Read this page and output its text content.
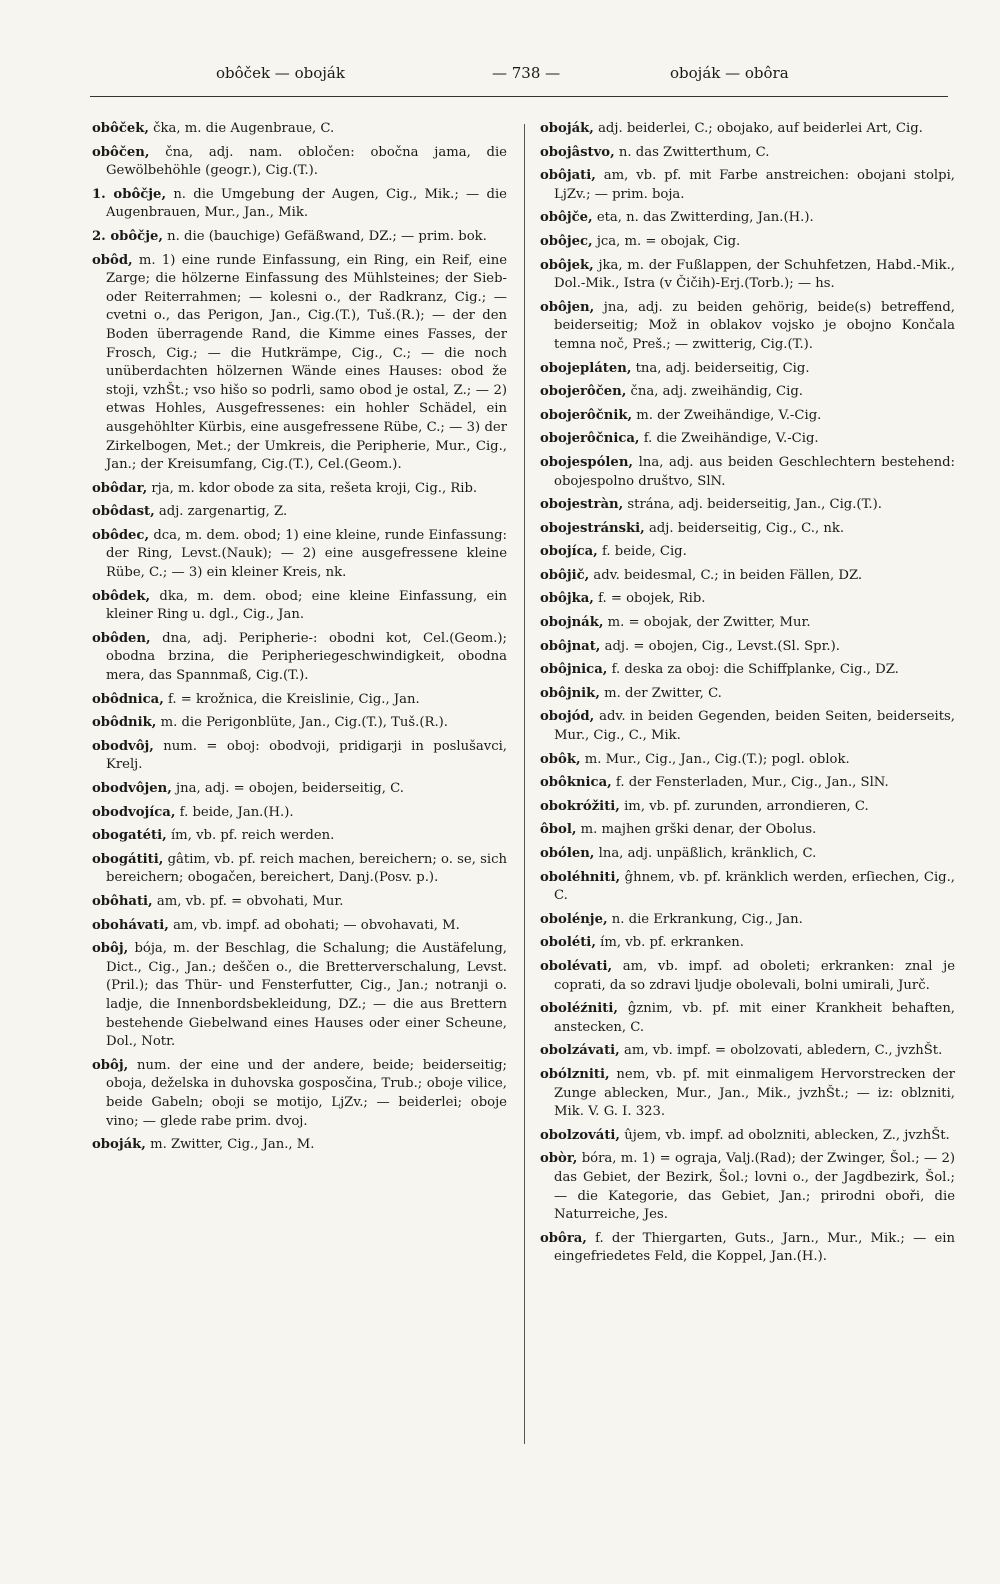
obôček — oboják	— 738 —	oboják — obôra

obôček, čka, m. die Augenbraue, C.

obôčen, čna, adj. nam. obločen: obočna jama, die Gewölbehöhle (geogr.), Cig.(T.).

1. obôčje, n. die Umgebung der Augen, Cig., Mik.; — die Augenbrauen, Mur., Jan., Mik.

2. obôčje, n. die (bauchige) Gefäßwand, DZ.; — prim. bok.

obôd, m. 1) eine runde Einfassung, ein Ring, ein Reif, eine Zarge; die hölzerne Einfassung des Mühlsteines; der Sieb- oder Reiterrahmen; — kolesni o., der Radkranz, Cig.; — cvetni o., das Perigon, Jan., Cig.(T.), Tuš.(R.); — der den Boden überragende Rand, die Kimme eines Fasses, der Frosch, Cig.; — die Hutkrämpe, Cig., C.; — die noch unüberdachten hölzernen Wände eines Hauses: obod že stoji, vzhŠt.; vso hišo so podrli, samo obod je ostal, Z.; — 2) etwas Hohles, Ausgefressenes: ein hohler Schädel, ein ausgehöhlter Kürbis, eine ausgefressene Rübe, C.; — 3) der Zirkelbogen, Met.; der Umkreis, die Peripherie, Mur., Cig., Jan.; der Kreisumfang, Cig.(T.), Cel.(Geom.).

obôdar, rja, m. kdor obode za sita, rešeta kroji, Cig., Rib.

obôdast, adj. zargenartig, Z.

obôdec, dca, m. dem. obod; 1) eine kleine, runde Einfassung: der Ring, Levst.(Nauk); — 2) eine ausgefressene kleine Rübe, C.; — 3) ein kleiner Kreis, nk.

obôdek, dka, m. dem. obod; eine kleine Einfassung, ein kleiner Ring u. dgl., Cig., Jan.

obôden, dna, adj. Peripherie-: obodni kot, Cel.(Geom.); obodna brzina, die Peripheriegeschwindigkeit, obodna mera, das Spannmaß, Cig.(T.).

obôdnica, f. = krožnica, die Kreislinie, Cig., Jan.

obôdnik, m. die Perigonblüte, Jan., Cig.(T.), Tuš.(R.).

obodvôj, num. = oboj: obodvoji, pridigarji in poslušavci, Krelj.

obodvôjen, jna, adj. = obojen, beiderseitig, C.

obodvojíca, f. beide, Jan.(H.).

obogatéti, ím, vb. pf. reich werden.

obogátiti, gâtim, vb. pf. reich machen, bereichern; o. se, sich bereichern; obogačen, bereichert, Danj.(Posv. p.).

obôhati, am, vb. pf. = obvohati, Mur.

obohávati, am, vb. impf. ad obohati; — obvohavati, M.

obôj, bója, m. der Beschlag, die Schalung; die Austäfelung, Dict., Cig., Jan.; deščen o., die Bretterverschalung, Levst.(Pril.); das Thür- und Fensterfutter, Cig., Jan.; notranji o. ladje, die Innenbordsbekleidung, DZ.; — die aus Brettern bestehende Giebelwand eines Hauses oder einer Scheune, Dol., Notr.

obôj, num. der eine und der andere, beide; beiderseitig; oboja, deželska in duhovska gosposčina, Trub.; oboje vilice, beide Gabeln; oboji se motijo, LjZv.; — beiderlei; oboje vino; — glede rabe prim. dvoj.

oboják, m. Zwitter, Cig., Jan., M.

oboják, adj. beiderlei, C.; obojako, auf beiderlei Art, Cig.

obojâstvo, n. das Zwitterthum, C.

obôjati, am, vb. pf. mit Farbe anstreichen: obojani stolpi, LjZv.; — prim. boja.

obôjče, eta, n. das Zwitterding, Jan.(H.).

obôjec, jca, m. = obojak, Cig.

obôjek, jka, m. der Fußlappen, der Schuhfetzen, Habd.-Mik., Dol.-Mik., Istra (v Čičih)-Erj.(Torb.); — hs.

obôjen, jna, adj. zu beiden gehörig, beide(s) betreffend, beiderseitig; Mož in oblakov vojsko je obojno Končala temna noč, Preš.; — zwitterig, Cig.(T.).

obojepláten, tna, adj. beiderseitig, Cig.

obojerôčen, čna, adj. zweihändig, Cig.

obojerôčnik, m. der Zweihändige, V.-Cig.

obojerôčnica, f. die Zweihändige, V.-Cig.

obojespólen, lna, adj. aus beiden Geschlechtern bestehend: obojespolno društvo, SlN.

obojestràn, strána, adj. beiderseitig, Jan., Cig.(T.).

obojestránski, adj. beiderseitig, Cig., C., nk.

obojíca, f. beide, Cig.

obôjič, adv. beidesmal, C.; in beiden Fällen, DZ.

obôjka, f. = obojek, Rib.

obojnák, m. = obojak, der Zwitter, Mur.

obôjnat, adj. = obojen, Cig., Levst.(Sl. Spr.).

obôjnica, f. deska za oboj: die Schiffplanke, Cig., DZ.

obôjnik, m. der Zwitter, C.

obojód, adv. in beiden Gegenden, beiden Seiten, beiderseits, Mur., Cig., C., Mik.

obôk, m. Mur., Cig., Jan., Cig.(T.); pogl. oblok.

obôknica, f. der Fensterladen, Mur., Cig., Jan., SlN.

obokróžiti, im, vb. pf. zurunden, arrondieren, C.

ôbol, m. majhen grški denar, der Obolus.

obólen, lna, adj. unpäßlich, kränklich, C.

oboléhniti, ĝhnem, vb. pf. kränklich werden, erſiechen, Cig., C.

obolénje, n. die Erkrankung, Cig., Jan.

oboléti, ím, vb. pf. erkranken.

obolévati, am, vb. impf. ad oboleti; erkranken: znal je coprati, da so zdravi ljudje obolevali, bolni umirali, Jurč.

oboléźniti, ĝznim, vb. pf. mit einer Krankheit behaften, anstecken, C.

obolzávati, am, vb. impf. = obolzovati, abledern, C., jvzhŠt.

obólzniti, nem, vb. pf. mit einmaligem Hervorstrecken der Zunge ablecken, Mur., Jan., Mik., jvzhŠt.; — iz: oblzniti, Mik. V. G. I. 323.

obolzováti, ûjem, vb. impf. ad obolzniti, ablecken, Z., jvzhŠt.

obòr, bóra, m. 1) = ograja, Valj.(Rad); der Zwinger, Šol.; — 2) das Gebiet, der Bezirk, Šol.; lovni o., der Jagdbezirk, Šol.; — die Kategorie, das Gebiet, Jan.; prirodni oboři, die Naturreiche, Jes.

obôra, f. der Thiergarten, Guts., Jarn., Mur., Mik.; — ein eingefriedetes Feld, die Koppel, Jan.(H.).
